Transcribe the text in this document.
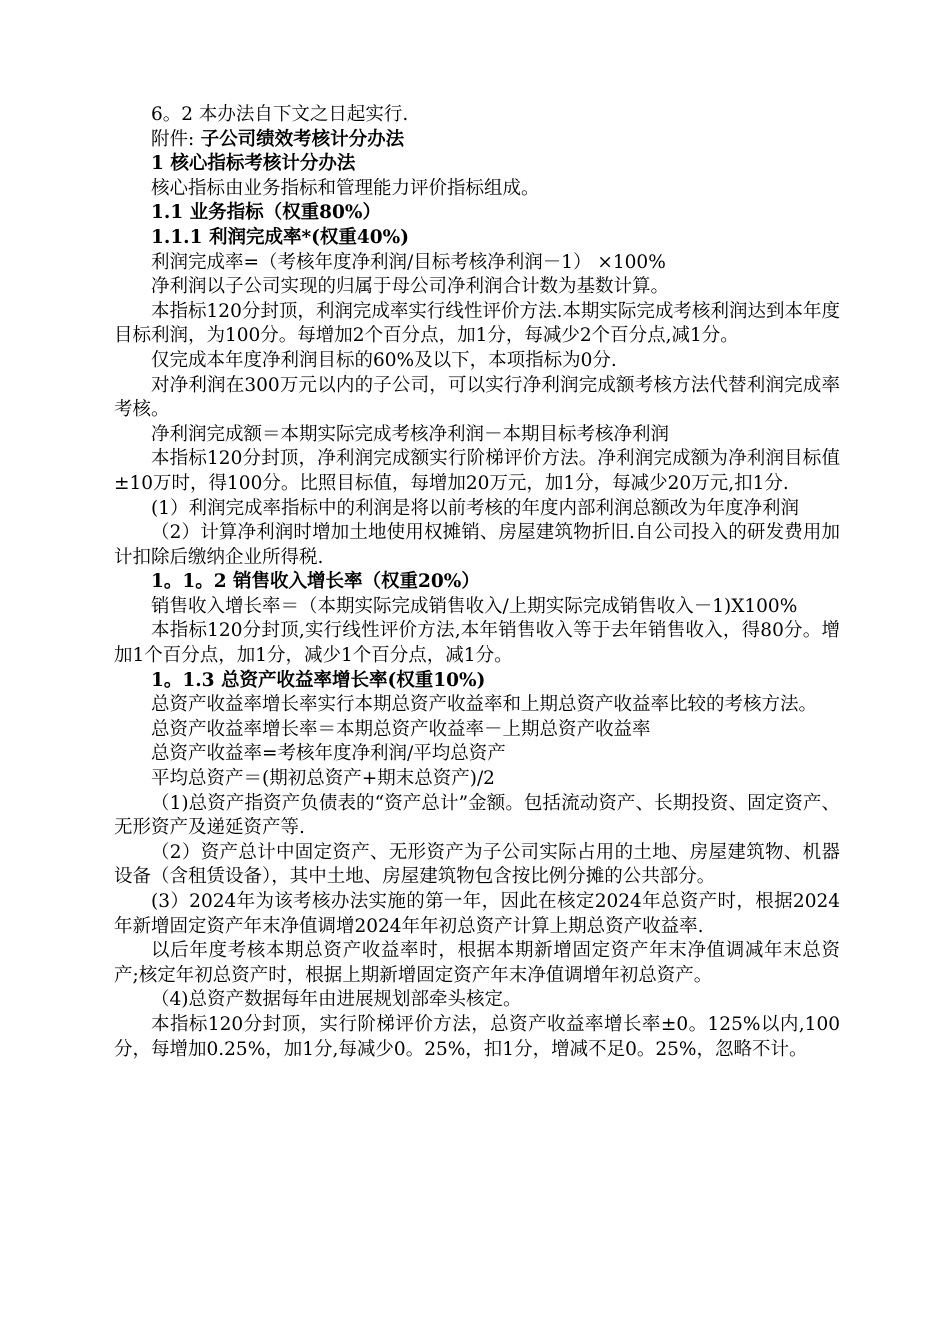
6。2 本办法自下文之日起实行.

附件: 子公司绩效考核计分办法

1 核心指标考核计分办法

核心指标由业务指标和管理能力评价指标组成。

1.1 业务指标（权重80%）

1.1.1 利润完成率*(权重40%)

利润完成率=（考核年度净利润/目标考核净利润－1） ×100%

净利润以子公司实现的归属于母公司净利润合计数为基数计算。

本指标120分封顶，利润完成率实行线性评价方法.本期实际完成考核利润达到本年度目标利润，为100分。每增加2个百分点，加1分，每减少2个百分点,减1分。

仅完成本年度净利润目标的60%及以下，本项指标为0分.

对净利润在300万元以内的子公司，可以实行净利润完成额考核方法代替利润完成率考核。

净利润完成额＝本期实际完成考核净利润－本期目标考核净利润

本指标120分封顶，净利润完成额实行阶梯评价方法。净利润完成额为净利润目标值±10万时，得100分。比照目标值，每增加20万元，加1分，每减少20万元,扣1分.

(1）利润完成率指标中的利润是将以前考核的年度内部利润总额改为年度净利润

（2）计算净利润时增加土地使用权摊销、房屋建筑物折旧.自公司投入的研发费用加计扣除后缴纳企业所得税.

1。1。2 销售收入增长率（权重20%）

销售收入增长率＝（本期实际完成销售收入/上期实际完成销售收入－1)X100%

本指标120分封顶,实行线性评价方法,本年销售收入等于去年销售收入，得80分。增加1个百分点，加1分，减少1个百分点，减1分。

1。1.3 总资产收益率增长率(权重10%)

总资产收益率增长率实行本期总资产收益率和上期总资产收益率比较的考核方法。

总资产收益率增长率＝本期总资产收益率－上期总资产收益率

总资产收益率=考核年度净利润/平均总资产

平均总资产＝(期初总资产+期末总资产)/2

（1)总资产指资产负债表的“资产总计”金额。包括流动资产、长期投资、固定资产、无形资产及递延资产等.

（2）资产总计中固定资产、无形资产为子公司实际占用的土地、房屋建筑物、机器设备（含租赁设备），其中土地、房屋建筑物包含按比例分摊的公共部分。

(3）2024年为该考核办法实施的第一年，因此在核定2024年总资产时，根据2024年新增固定资产年末净值调增2024年年初总资产计算上期总资产收益率.

以后年度考核本期总资产收益率时，根据本期新增固定资产年末净值调减年末总资产;核定年初总资产时，根据上期新增固定资产年末净值调增年初总资产。

（4)总资产数据每年由进展规划部牵头核定。

本指标120分封顶，实行阶梯评价方法，总资产收益率增长率±0。125%以内,100分，每增加0.25%，加1分,每减少0。25%，扣1分，增减不足0。25%，忽略不计。
